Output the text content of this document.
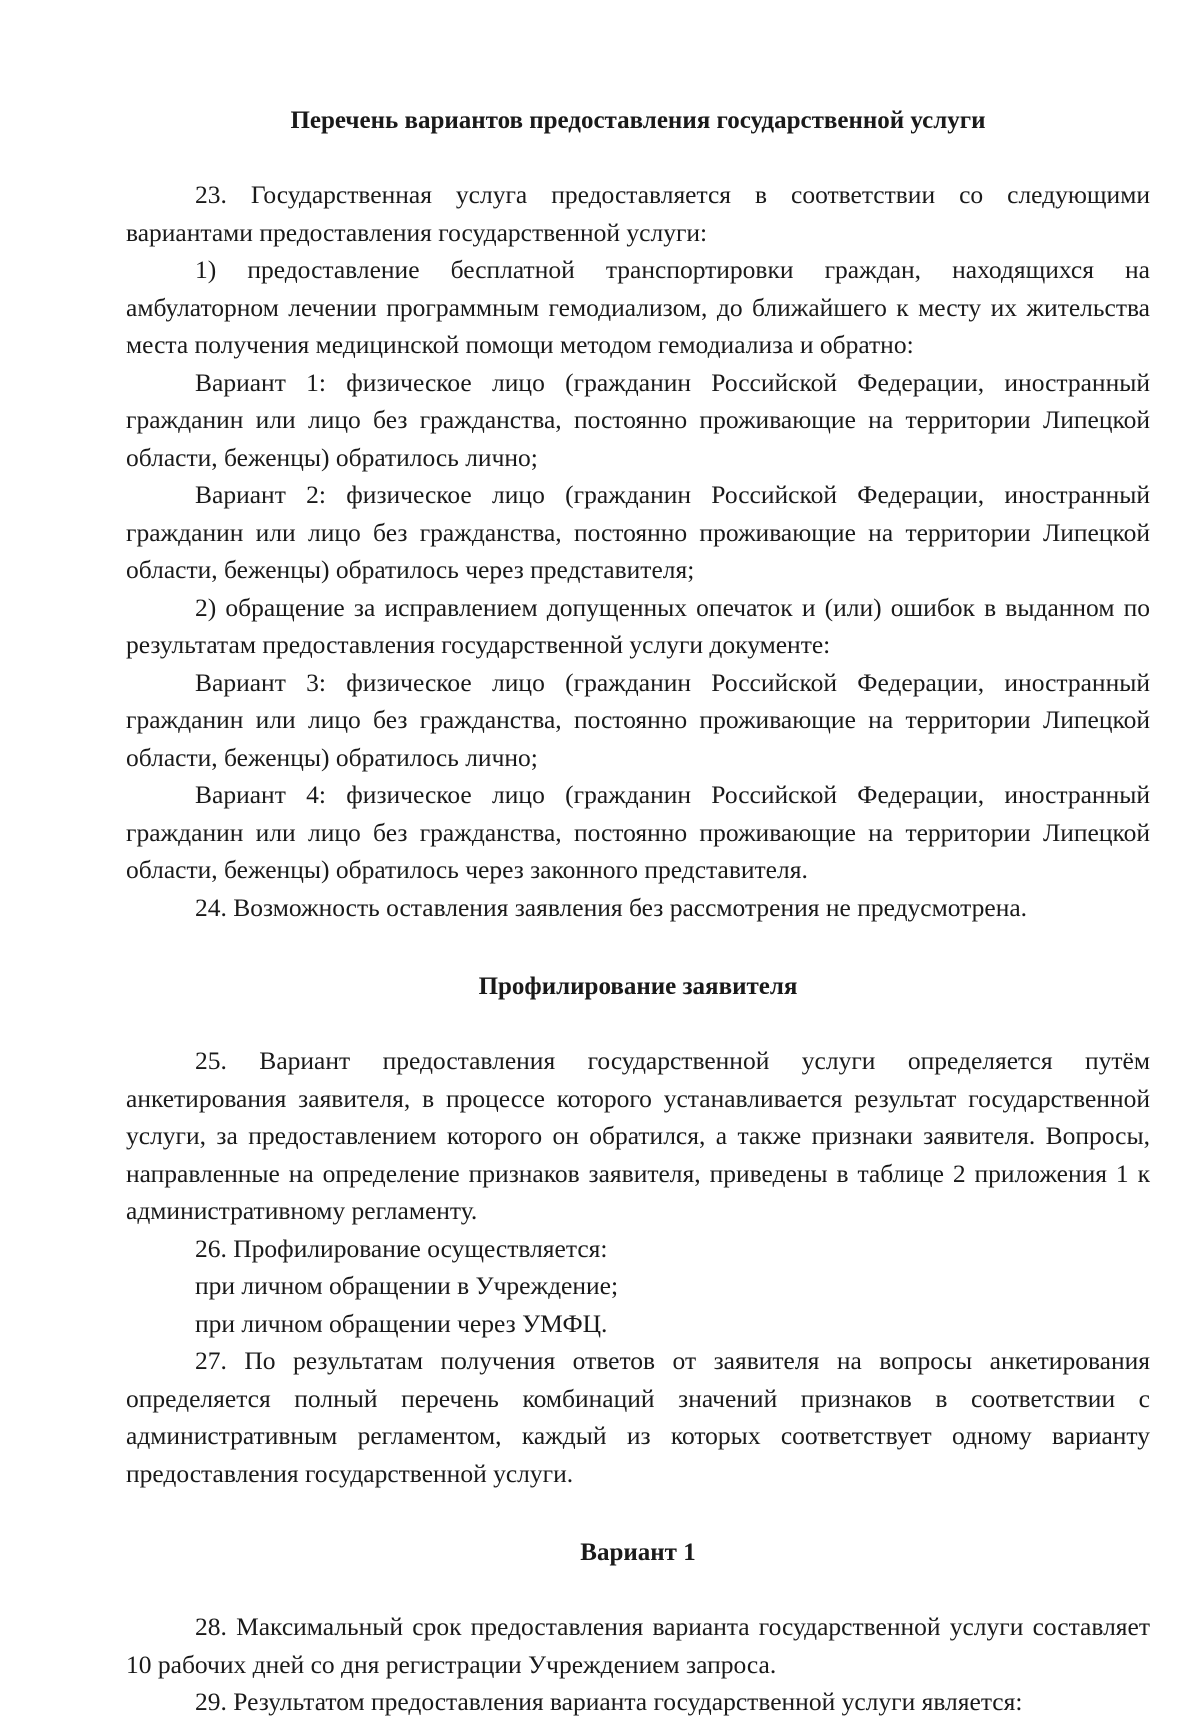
Перечень вариантов предоставления государственной услуги

23. Государственная услуга предоставляется в соответствии со следующими вариантами предоставления государственной услуги:

1) предоставление бесплатной транспортировки граждан, находящихся на амбулаторном лечении программным гемодиализом, до ближайшего к месту их жительства места получения медицинской помощи методом гемодиализа и обратно:

Вариант 1: физическое лицо (гражданин Российской Федерации, иностранный гражданин или лицо без гражданства, постоянно проживающие на территории Липецкой области, беженцы) обратилось лично;

Вариант 2: физическое лицо (гражданин Российской Федерации, иностранный гражданин или лицо без гражданства, постоянно проживающие на территории Липецкой области, беженцы) обратилось через представителя;

2) обращение за исправлением допущенных опечаток и (или) ошибок в выданном по результатам предоставления государственной услуги документе:

Вариант 3: физическое лицо (гражданин Российской Федерации, иностранный гражданин или лицо без гражданства, постоянно проживающие на территории Липецкой области, беженцы) обратилось лично;

Вариант 4: физическое лицо (гражданин Российской Федерации, иностранный гражданин или лицо без гражданства, постоянно проживающие на территории Липецкой области, беженцы) обратилось через законного представителя.

24. Возможность оставления заявления без рассмотрения не предусмотрена.

Профилирование заявителя

25. Вариант предоставления государственной услуги определяется путём анкетирования заявителя, в процессе которого устанавливается результат государственной услуги, за предоставлением которого он обратился, а также признаки заявителя. Вопросы, направленные на определение признаков заявителя, приведены в таблице 2 приложения 1 к административному регламенту.

26. Профилирование осуществляется:

при личном обращении в Учреждение;

при личном обращении через УМФЦ.

27. По результатам получения ответов от заявителя на вопросы анкетирования определяется полный перечень комбинаций значений признаков в соответствии с административным регламентом, каждый из которых соответствует одному варианту предоставления государственной услуги.

Вариант 1

28. Максимальный срок предоставления варианта государственной услуги составляет 10 рабочих дней со дня регистрации Учреждением запроса.

29. Результатом предоставления варианта государственной услуги является:
